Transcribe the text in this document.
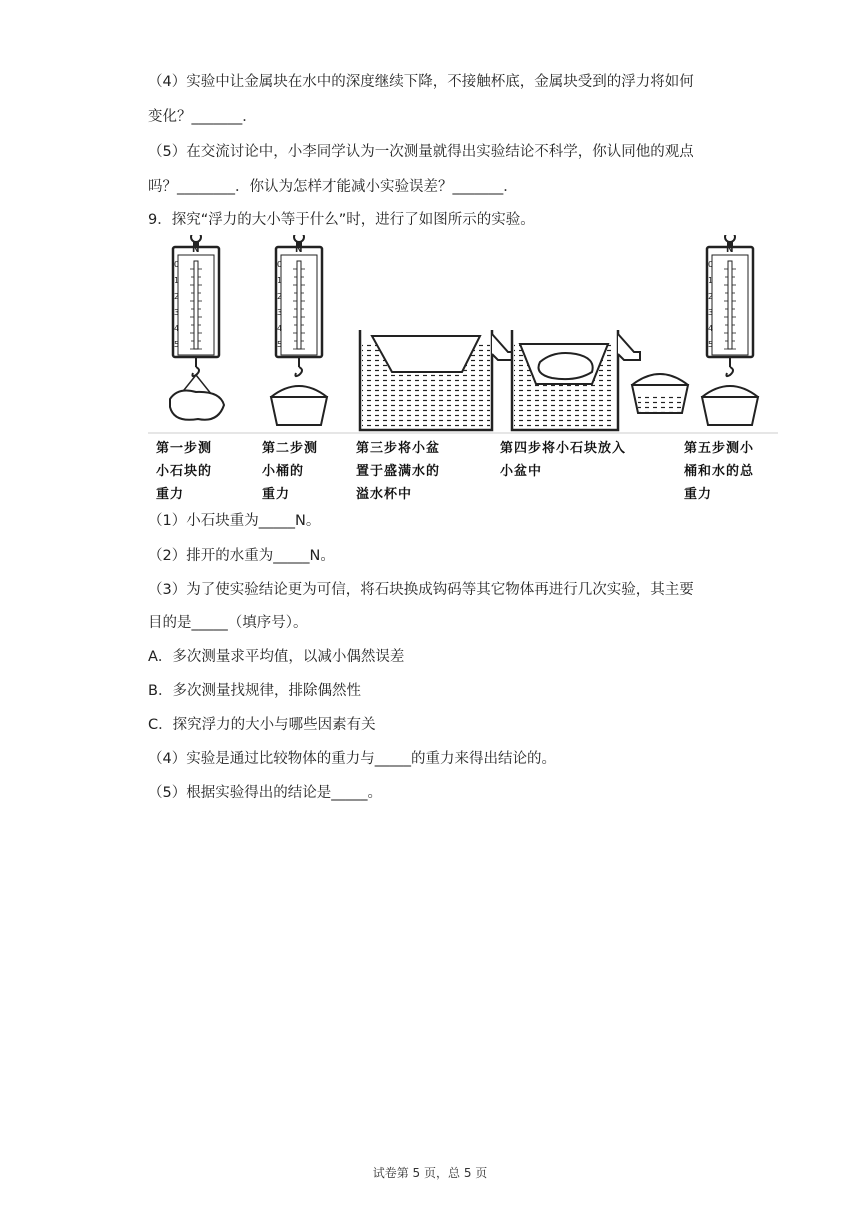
（4）实验中让金属块在水中的深度继续下降，不接触杯底，金属块受到的浮力将如何
变化？_______．
（5）在交流讨论中，小李同学认为一次测量就得出实验结论不科学，你认同他的观点
吗？________．你认为怎样才能减小实验误差？_______．
9．探究“浮力的大小等于什么”时，进行了如图所示的实验。
0
1
2
3
4
5
N
0
1
2
3
4
5
N
0
1
2
3
4
5
N
第一步测
小石块的
重力
第二步测
小桶的
重力
第三步将小盆
置于盛满水的
溢水杯中
第四步将小石块放入
小盆中
第五步测小
桶和水的总
重力
（1）小石块重为_____N。
（2）排开的水重为_____N。
（3）为了使实验结论更为可信，将石块换成钩码等其它物体再进行几次实验，其主要
目的是_____（填序号）。
A．多次测量求平均值，以减小偶然误差
B．多次测量找规律，排除偶然性
C．探究浮力的大小与哪些因素有关
（4）实验是通过比较物体的重力与_____的重力来得出结论的。
（5）根据实验得出的结论是_____。
试卷第 5 页，总 5 页
